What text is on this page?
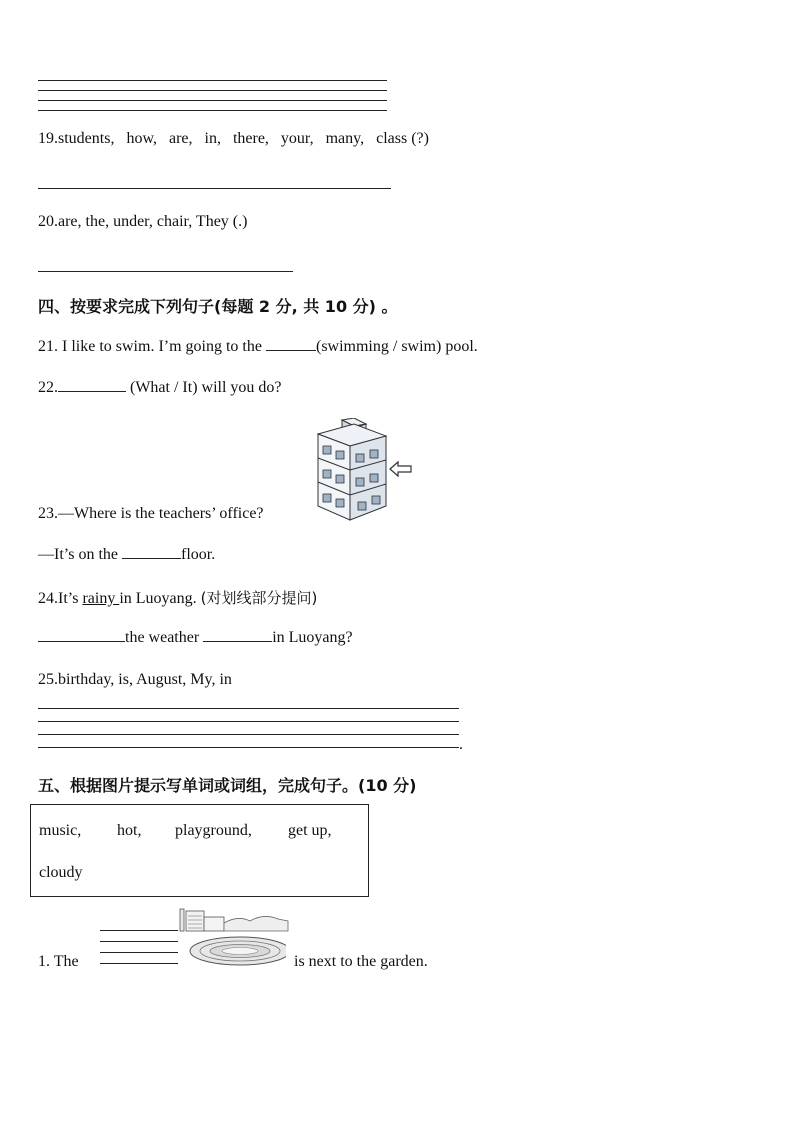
19.students,   how,   are,   in,   there,   your,   many,   class (?)
20.are, the, under, chair, They (.)
四、按要求完成下列句子(每题 2 分, 共 10 分) 。
21. I like to swim. I’m going to the	(swimming / swim) pool.
22.	(What / It) will you do?
23.—Where is the teachers’ office?
—It’s on the	floor.
24.It’s rainy in Luoyang. (对划线部分提问)
the weather	in Luoyang?
25.birthday, is, August, My, in
.
五、根据图片提示写单词或词组，完成句子。(10 分)
music, hot, playground, get up,
cloudy
1. The	is next to the garden.
